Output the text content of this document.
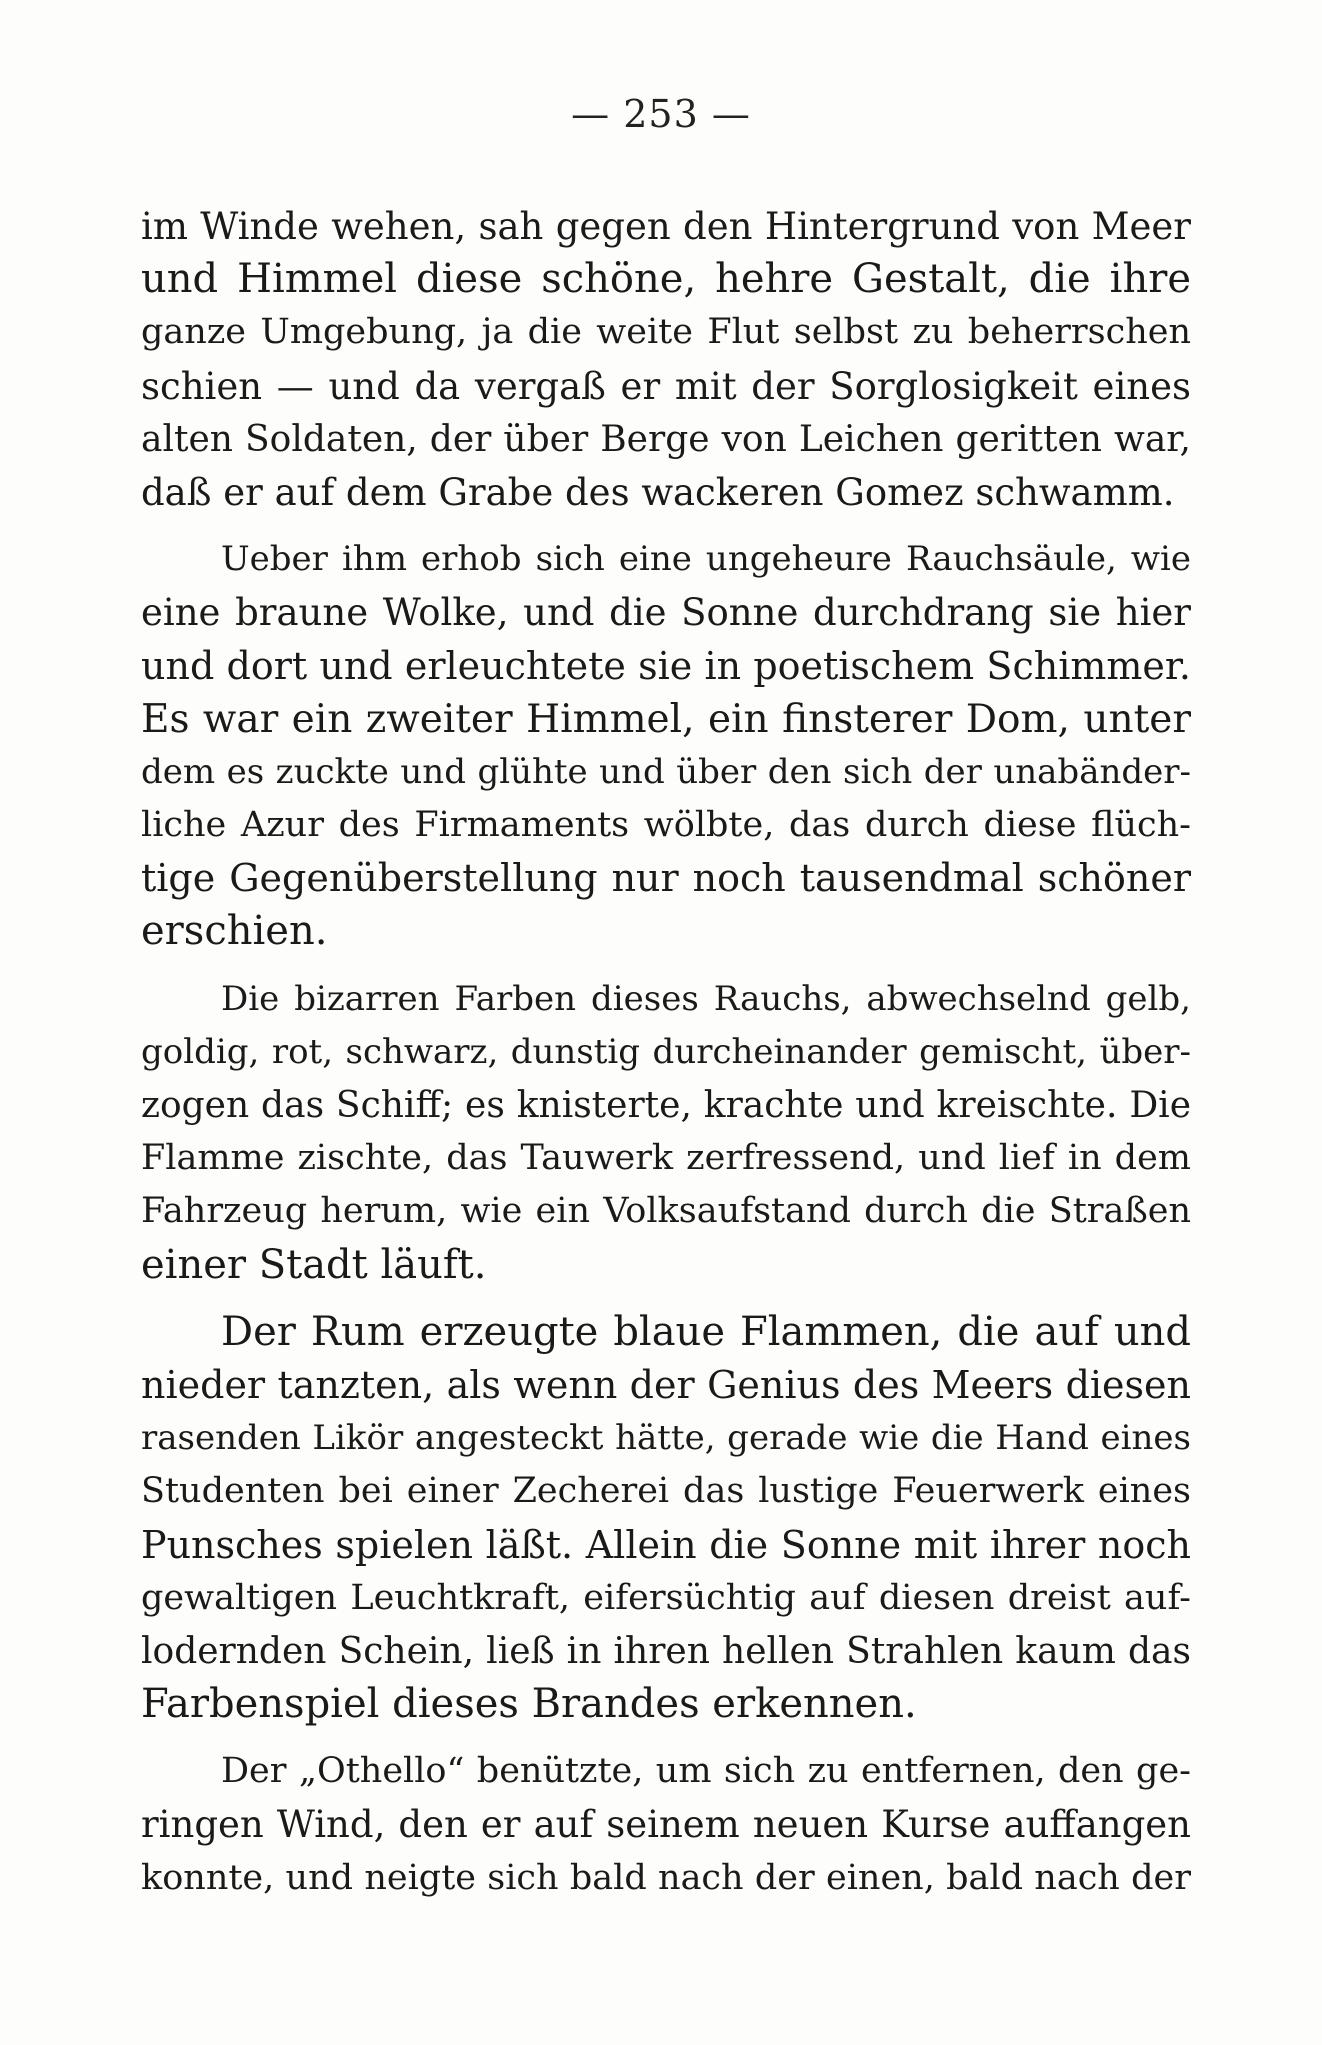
— 253 —
im Winde wehen, sah gegen den Hintergrund von Meer
und Himmel diese schöne, hehre Gestalt, die ihre
ganze Umgebung, ja die weite Flut selbst zu beherrschen
schien — und da vergaß er mit der Sorglosigkeit eines
alten Soldaten, der über Berge von Leichen geritten war,
daß er auf dem Grabe des wackeren Gomez schwamm.
Ueber ihm erhob sich eine ungeheure Rauchsäule, wie
eine braune Wolke, und die Sonne durchdrang sie hier
und dort und erleuchtete sie in poetischem Schimmer.
Es war ein zweiter Himmel, ein finsterer Dom, unter
dem es zuckte und glühte und über den sich der unabänder-
liche Azur des Firmaments wölbte, das durch diese flüch-
tige Gegenüberstellung nur noch tausendmal schöner
erschien.
Die bizarren Farben dieses Rauchs, abwechselnd gelb,
goldig, rot, schwarz, dunstig durcheinander gemischt, über-
zogen das Schiff; es knisterte, krachte und kreischte. Die
Flamme zischte, das Tauwerk zerfressend, und lief in dem
Fahrzeug herum, wie ein Volksaufstand durch die Straßen
einer Stadt läuft.
Der Rum erzeugte blaue Flammen, die auf und
nieder tanzten, als wenn der Genius des Meers diesen
rasenden Likör angesteckt hätte, gerade wie die Hand eines
Studenten bei einer Zecherei das lustige Feuerwerk eines
Punsches spielen läßt. Allein die Sonne mit ihrer noch
gewaltigen Leuchtkraft, eifersüchtig auf diesen dreist auf-
lodernden Schein, ließ in ihren hellen Strahlen kaum das
Farbenspiel dieses Brandes erkennen.
Der „Othello“ benützte, um sich zu entfernen, den ge-
ringen Wind, den er auf seinem neuen Kurse auffangen
konnte, und neigte sich bald nach der einen, bald nach der
